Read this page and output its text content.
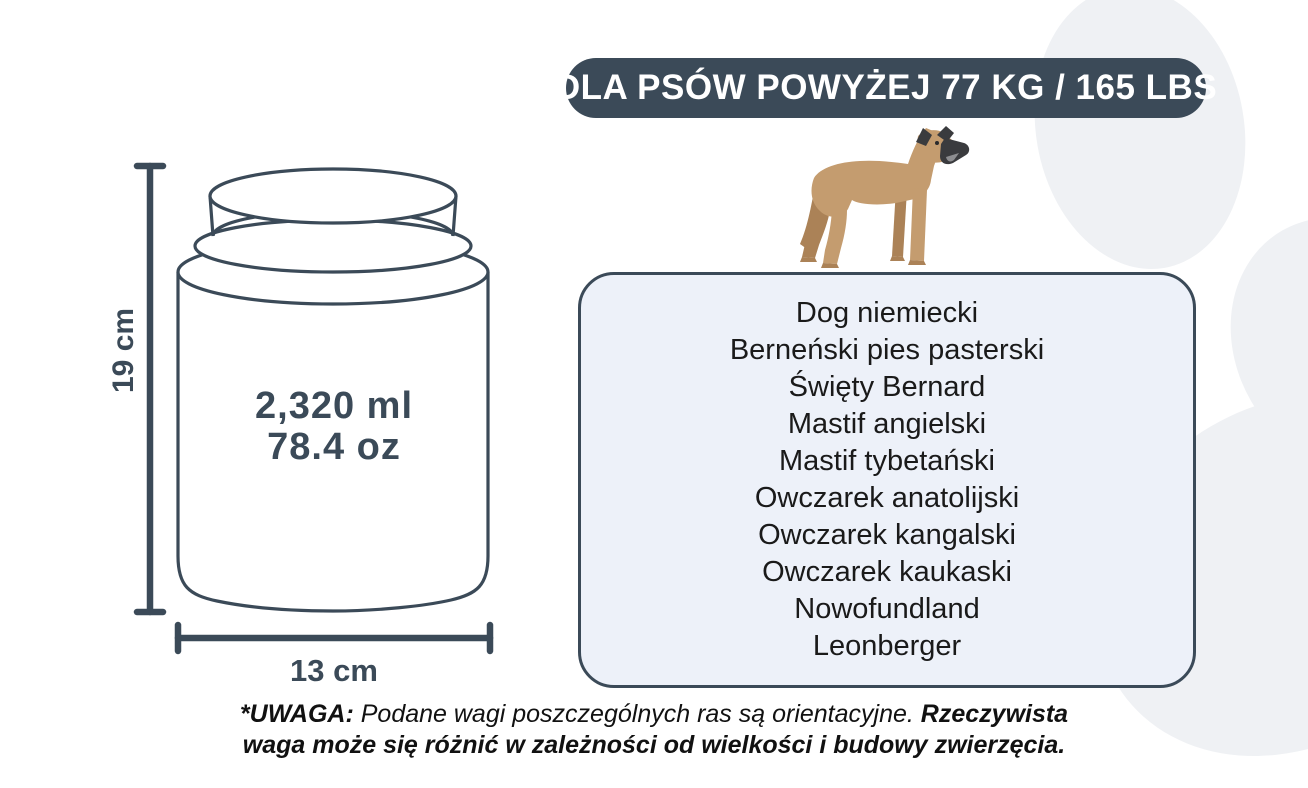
DLA PSÓW POWYŻEJ 77 KG / 165 LBS
19 cm
2,320 ml
78.4 oz
13 cm
Dog niemiecki
Berneński pies pasterski
Święty Bernard
Mastif angielski
Mastif tybetański
Owczarek anatolijski
Owczarek kangalski
Owczarek kaukaski
Nowofundland
Leonberger
*UWAGA: Podane wagi poszczególnych ras są orientacyjne. Rzeczywista
waga może się różnić w zależności od wielkości i budowy zwierzęcia.
